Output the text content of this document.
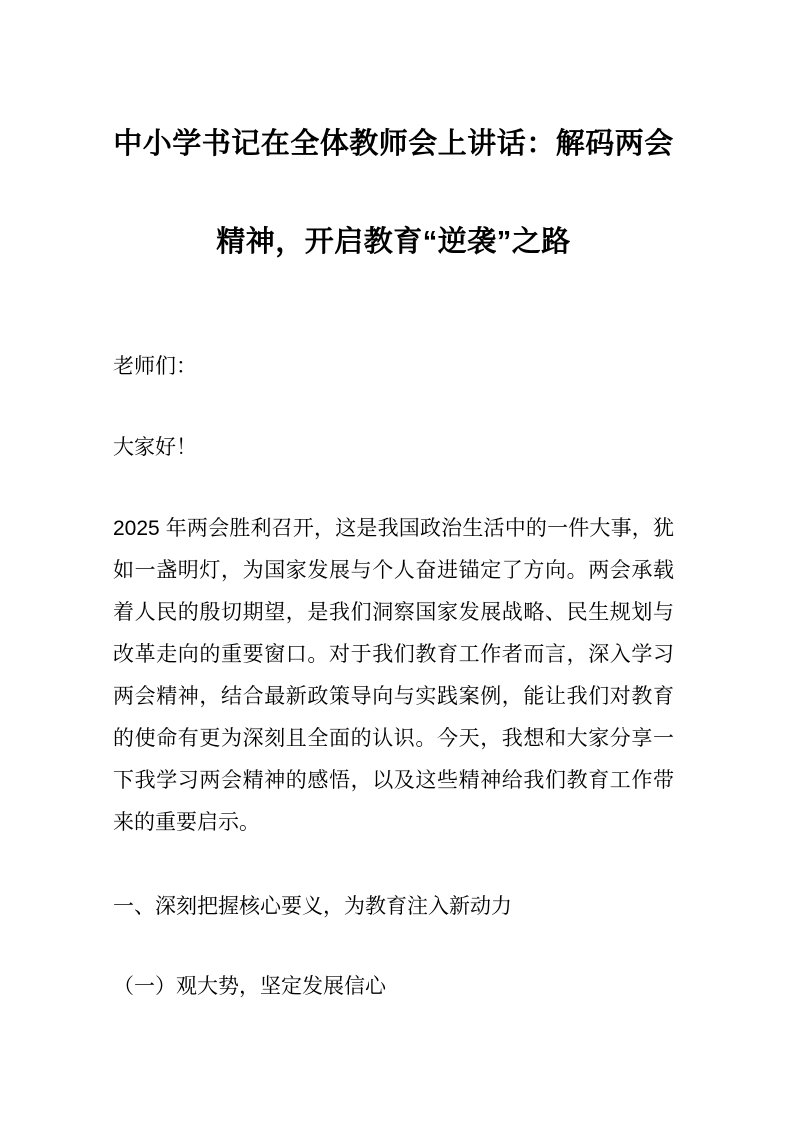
中小学书记在全体教师会上讲话：解码两会
精神，开启教育“逆袭”之路

老师们：

大家好！

2025 年两会胜利召开，这是我国政治生活中的一件大事，犹

如一盏明灯，为国家发展与个人奋进锚定了方向。两会承载

着人民的殷切期望，是我们洞察国家发展战略、民生规划与

改革走向的重要窗口。对于我们教育工作者而言，深入学习

两会精神，结合最新政策导向与实践案例，能让我们对教育

的使命有更为深刻且全面的认识。今天，我想和大家分享一

下我学习两会精神的感悟，以及这些精神给我们教育工作带

来的重要启示。

一、深刻把握核心要义，为教育注入新动力

（一）观大势，坚定发展信心
